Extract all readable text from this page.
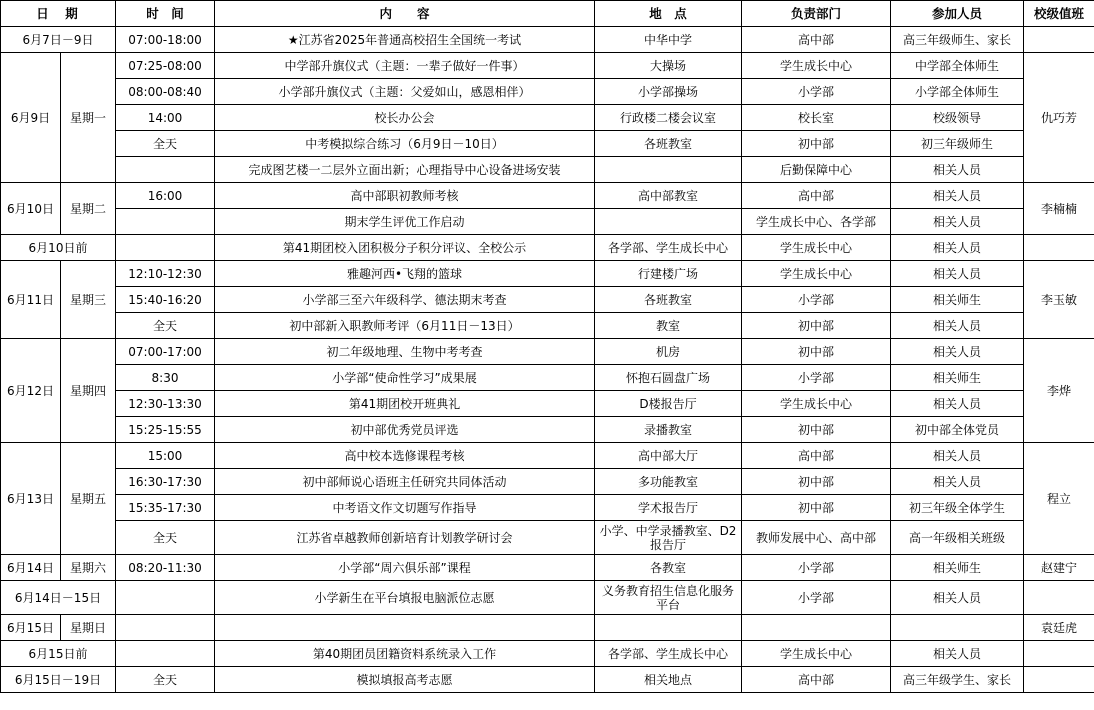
日　期		时　间	内　　容	地　点	负责部门	参加人员	校级值班
6月7日－9日		07:00-18:00	★江苏省2025年普通高校招生全国统一考试	中华中学	高中部	高三年级师生、家长	
6月9日	星期一	07:25-08:00	中学部升旗仪式（主题：一辈子做好一件事）	大操场	学生成长中心	中学部全体师生	仇巧芳
		08:00-08:40	小学部升旗仪式（主题：父爱如山，感恩相伴）	小学部操场	小学部	小学部全体师生	
		14:00	校长办公会	行政楼二楼会议室	校长室	校级领导	
		全天	中考模拟综合练习（6月9日－10日）	各班教室	初中部	初三年级师生	
			完成图艺楼一二层外立面出新；心理指导中心设备进场安装		后勤保障中心	相关人员	
6月10日	星期二	16:00	高中部职初教师考核	高中部教室	高中部	相关人员	李楠楠
			期末学生评优工作启动		学生成长中心、各学部	相关人员	
6月10日前			第41期团校入团积极分子积分评议、全校公示	各学部、学生成长中心	学生成长中心	相关人员	
6月11日	星期三	12:10-12:30	雅趣河西•飞翔的篮球	行建楼广场	学生成长中心	相关人员	李玉敏
		15:40-16:20	小学部三至六年级科学、德法期末考查	各班教室	小学部	相关师生	
		全天	初中部新入职教师考评（6月11日－13日）	教室	初中部	相关人员	
6月12日	星期四	07:00-17:00	初二年级地理、生物中考考查	机房	初中部	相关人员	李烨
		8:30	小学部“使命性学习”成果展	怀抱石圆盘广场	小学部	相关师生	
		12:30-13:30	第41期团校开班典礼	D楼报告厅	学生成长中心	相关人员	
		15:25-15:55	初中部优秀党员评选	录播教室	初中部	初中部全体党员	
6月13日	星期五	15:00	高中校本选修课程考核	高中部大厅	高中部	相关人员	程立
		16:30-17:30	初中部师说心语班主任研究共同体活动	多功能教室	初中部	相关人员	
		15:35-17:30	中考语文作文切题写作指导	学术报告厅	初中部	初三年级全体学生	
		全天	江苏省卓越教师创新培育计划教学研讨会	小学、中学录播教室、D2报告厅	教师发展中心、高中部	高一年级相关班级	
6月14日	星期六	08:20-11:30	小学部“周六俱乐部”课程	各教室	小学部	相关师生	赵建宁
6月14日－15日			小学新生在平台填报电脑派位志愿	义务教育招生信息化服务平台	小学部	相关人员	
6月15日	星期日						袁廷虎
6月15日前			第40期团员团籍资料系统录入工作	各学部、学生成长中心	学生成长中心	相关人员	
6月15日－19日		全天	模拟填报高考志愿	相关地点	高中部	高三年级学生、家长	
